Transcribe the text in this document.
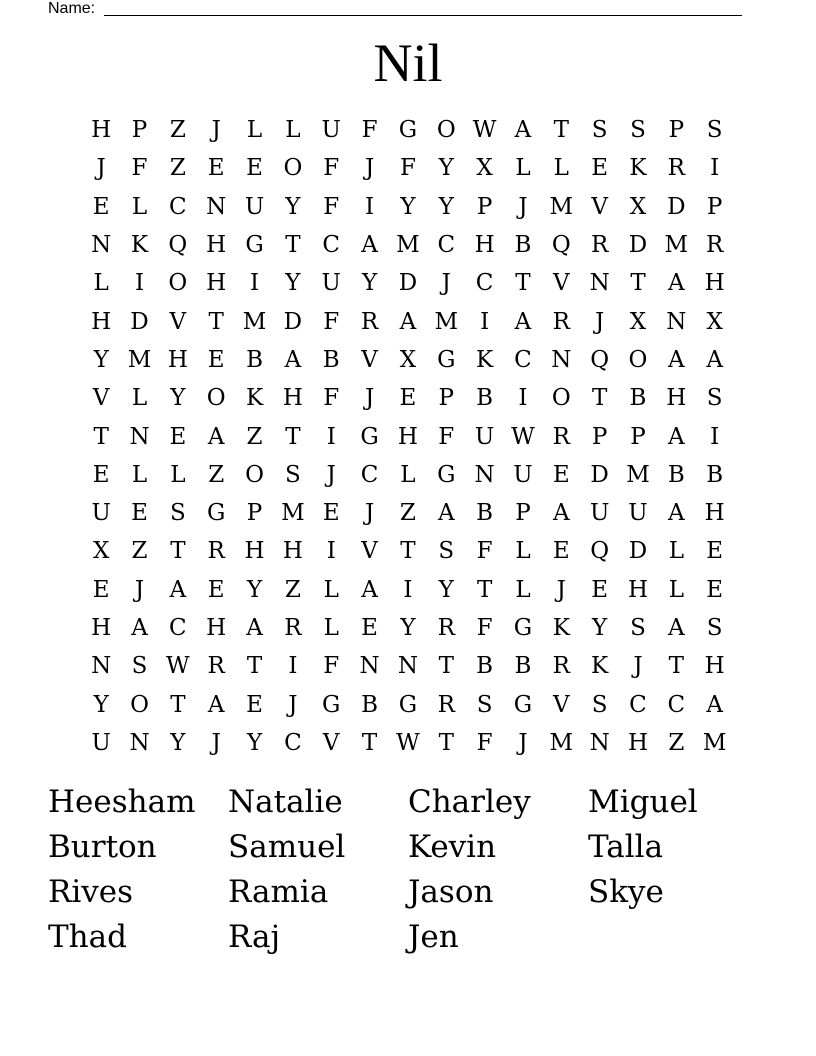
Name:
Nil
H P Z	J	L	L U F G O W A T S S P S
J	F Z E E O F	J	F Y X L	L E K R	I
E L C N U Y F	I	Y	Y	P	J M V X D P
N K Q H G T C A M C H B Q R D M R
L	I	O H	I	Y U Y D	J	C T V N T A H
H D V T M D F R A M I	A R	J	X N X
Y M H E B A B V X G K C N Q O A A
V L	Y O K H F	J	E P B	I	O T B H S
T N E A Z T	I	G H F U W R P P A	I
E L	L Z O S	J	C L G N U E D M B B
U E S G P M E	J	Z A B P A U U A H
X Z T R H H	I	V T S F L E Q D L E
E	J	A E Y Z L A	I	Y	T	L	J	E H L E
H A C H A R L E Y R F G K Y S A S
N S W R T	I	F N N T B B R K	J	T H
Y O T A E	J	G B G R S G V S C C A
U N Y	J	Y C V T W T F	J M N H Z M
Heesham	Natalie	Charley	Miguel
Burton	Samuel	Kevin	Talla
Rives	Ramia	Jason	Skye
Thad	Raj	Jen
